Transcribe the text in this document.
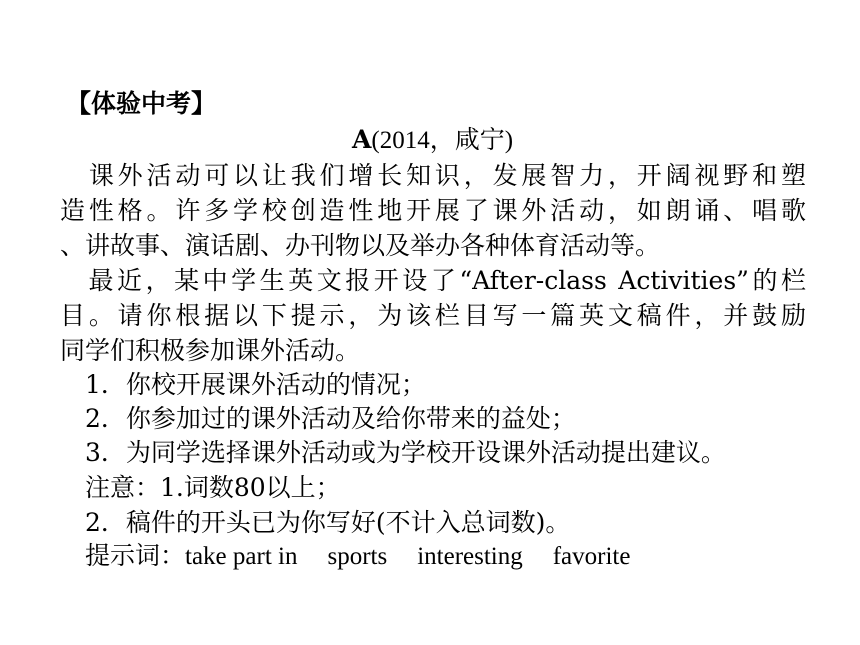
【体验中考】
A(2014，咸宁)
　课外活动可以让我们增长知识，发展智力，开阔视野和塑
造性格。许多学校创造性地开展了课外活动，如朗诵、唱歌
、讲故事、演话剧、办刊物以及举办各种体育活动等。
　最近，某中学生英文报开设了“After-class Activities”的栏
目。请你根据以下提示，为该栏目写一篇英文稿件，并鼓励
同学们积极参加课外活动。
　1．你校开展课外活动的情况；
　2．你参加过的课外活动及给你带来的益处；
　3．为同学选择课外活动或为学校开设课外活动提出建议。
　注意：1.词数80以上；
　2．稿件的开头已为你写好(不计入总词数)。
　提示词：take part in sports interesting favorite
